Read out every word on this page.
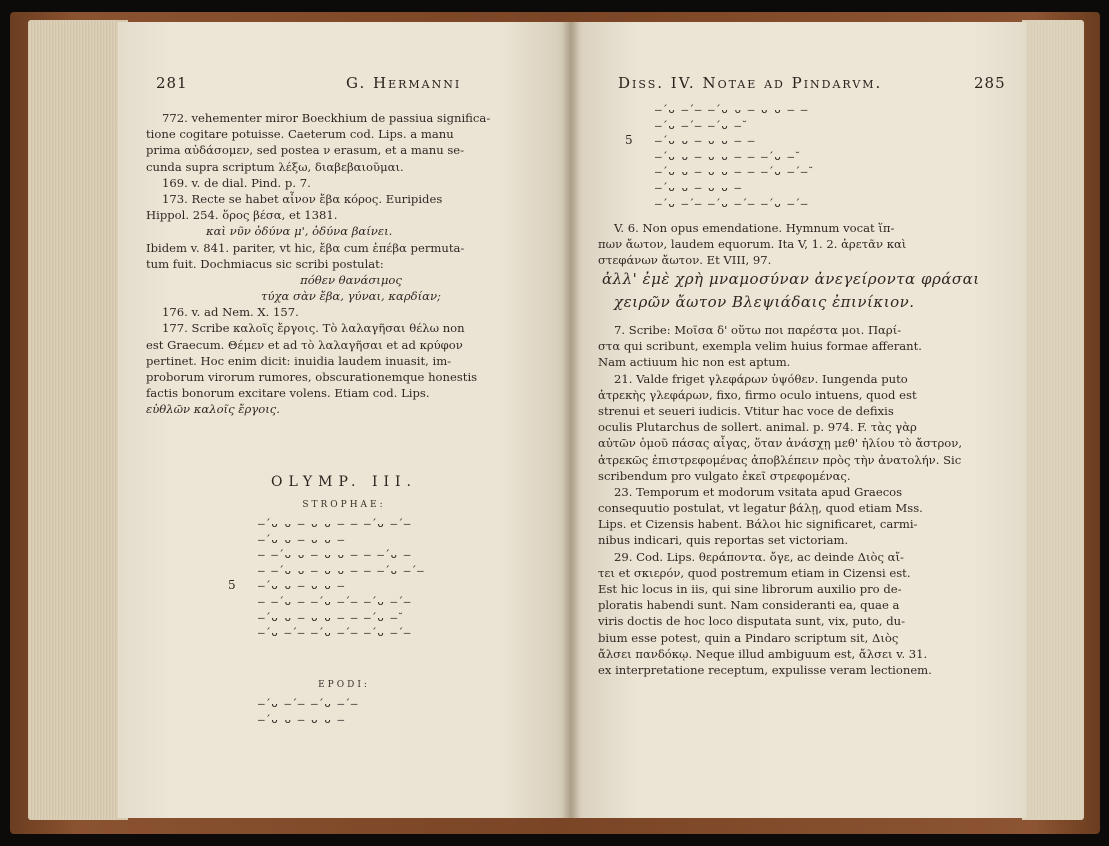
281	G. Hermanni
772. vehementer miror Boeckhium de passiua significa-
tione cogitare potuisse. Caeterum cod. Lips. a manu
prima αὐδάσομεν, sed postea ν erasum, et a manu se-
cunda supra scriptum λέξω, διαβεβαιοῦμαι.
169. v. de dial. Pind. p. 7.
173. Recte se habet αἶνον ἔβα κόρος. Euripides
Hippol. 254. ὅρος βέσα, et 1381.
καὶ νῦν ὀδύνα μ', ὀδύνα βαίνει.
Ibidem v. 841. pariter, vt hic, ἔβα cum ἐπέβα permuta-
tum fuit. Dochmiacus sic scribi postulat:
πόθεν θανάσιμος
τύχα σὰν ἔβα, γύναι, καρδίαν;
176. v. ad Nem. X. 157.
177. Scribe καλοῖς ἔργοις. Τὸ λαλαγῆσαι θέλω non
est Graecum. Θέμεν et ad τὸ λαλαγῆσαι et ad κρύφον
pertinet. Hoc enim dicit: inuidia laudem inuasit, im-
proborum virorum rumores, obscurationemque honestis
factis bonorum excitare volens. Etiam cod. Lips.
εὐθλῶν καλοῖς ἔργοις.
OLYMP. III.
STROPHAE:
–́ ᴗ ᴗ – ᴗ ᴗ – – –́ ᴗ –́ –
–́ ᴗ ᴗ – ᴗ ᴗ –
– –́ ᴗ ᴗ – ᴗ ᴗ – – –́ ᴗ –
– –́ ᴗ ᴗ – ᴗ ᴗ – – –́ ᴗ –́ –
5 –́ ᴗ ᴗ – ᴗ ᴗ –
– –́ ᴗ – –́ ᴗ –́ – –́ ᴗ –́ –
–́ ᴗ ᴗ – ᴗ ᴗ – – –́ ᴗ –̆
–́ ᴗ –́ – –́ ᴗ –́ – –́ ᴗ –́ –
EPODI:
–́ ᴗ –́ – –́ ᴗ –́ –
–́ ᴗ ᴗ – ᴗ ᴗ –
Diss. IV. Notae ad Pindarvm.	285
–́ ᴗ –́ – –́ ᴗ ᴗ – ᴗ ᴗ – –
–́ ᴗ –́ – –́ ᴗ –̆
5 –́ ᴗ ᴗ – ᴗ ᴗ – –
–́ ᴗ ᴗ – ᴗ ᴗ – – –́ ᴗ –̆
–́ ᴗ ᴗ – ᴗ ᴗ – – –́ ᴗ –́ –̆
–́ ᴗ ᴗ – ᴗ ᴗ –
–́ ᴗ –́ – –́ ᴗ –́ – –́ ᴗ –́ –
V. 6. Non opus emendatione. Hymnum vocat ἵπ-
πων ἄωτον, laudem equorum. Ita V, 1. 2. ἀρετᾶν καὶ
στεφάνων ἄωτον. Et VIII, 97.
ἀλλ' ἐμὲ χρὴ μναμοσύναν ἀνεγείροντα φράσαι
χειρῶν ἄωτον Βλεψιάδαις ἐπινίκιον.
7. Scribe: Μοῖσα δ' οὕτω ποι παρέστα μοι. Παρί-
στα qui scribunt, exempla velim huius formae afferant.
Nam actiuum hic non est aptum.
21. Valde friget γλεφάρων ὑψόθεν. Iungenda puto
ἀτρεκὴς γλεφάρων, fixo, firmo oculo intuens, quod est
strenui et seueri iudicis. Vtitur hac voce de defixis
oculis Plutarchus de sollert. animal. p. 974. F. τὰς γὰρ
αὐτῶν ὁμοῦ πάσας αἶγας, ὅταν ἀνάσχῃ μεθ' ἡλίου τὸ ἄστρον,
ἀτρεκῶς ἐπιστρεφομένας ἀποβλέπειν πρὸς τὴν ἀνατολήν. Sic
scribendum pro vulgato ἐκεῖ στρεφομένας.
23. Temporum et modorum vsitata apud Graecos
consequutio postulat, vt legatur βάλῃ, quod etiam Mss.
Lips. et Cizensis habent. Βάλοι hic significaret, carmi-
nibus indicari, quis reportas set victoriam.
29. Cod. Lips. θεράποντα. ὄγε, ac deinde Διὸς αἴ-
τει et σκιερόν, quod postremum etiam in Cizensi est.
Est hic locus in iis, qui sine librorum auxilio pro de-
ploratis habendi sunt. Nam consideranti ea, quae a
viris doctis de hoc loco disputata sunt, vix, puto, du-
bium esse potest, quin a Pindaro scriptum sit, Διὸς
ἄλσει πανδόκῳ. Neque illud ambiguum est, ἄλσει v. 31.
ex interpretatione receptum, expulisse veram lectionem.
